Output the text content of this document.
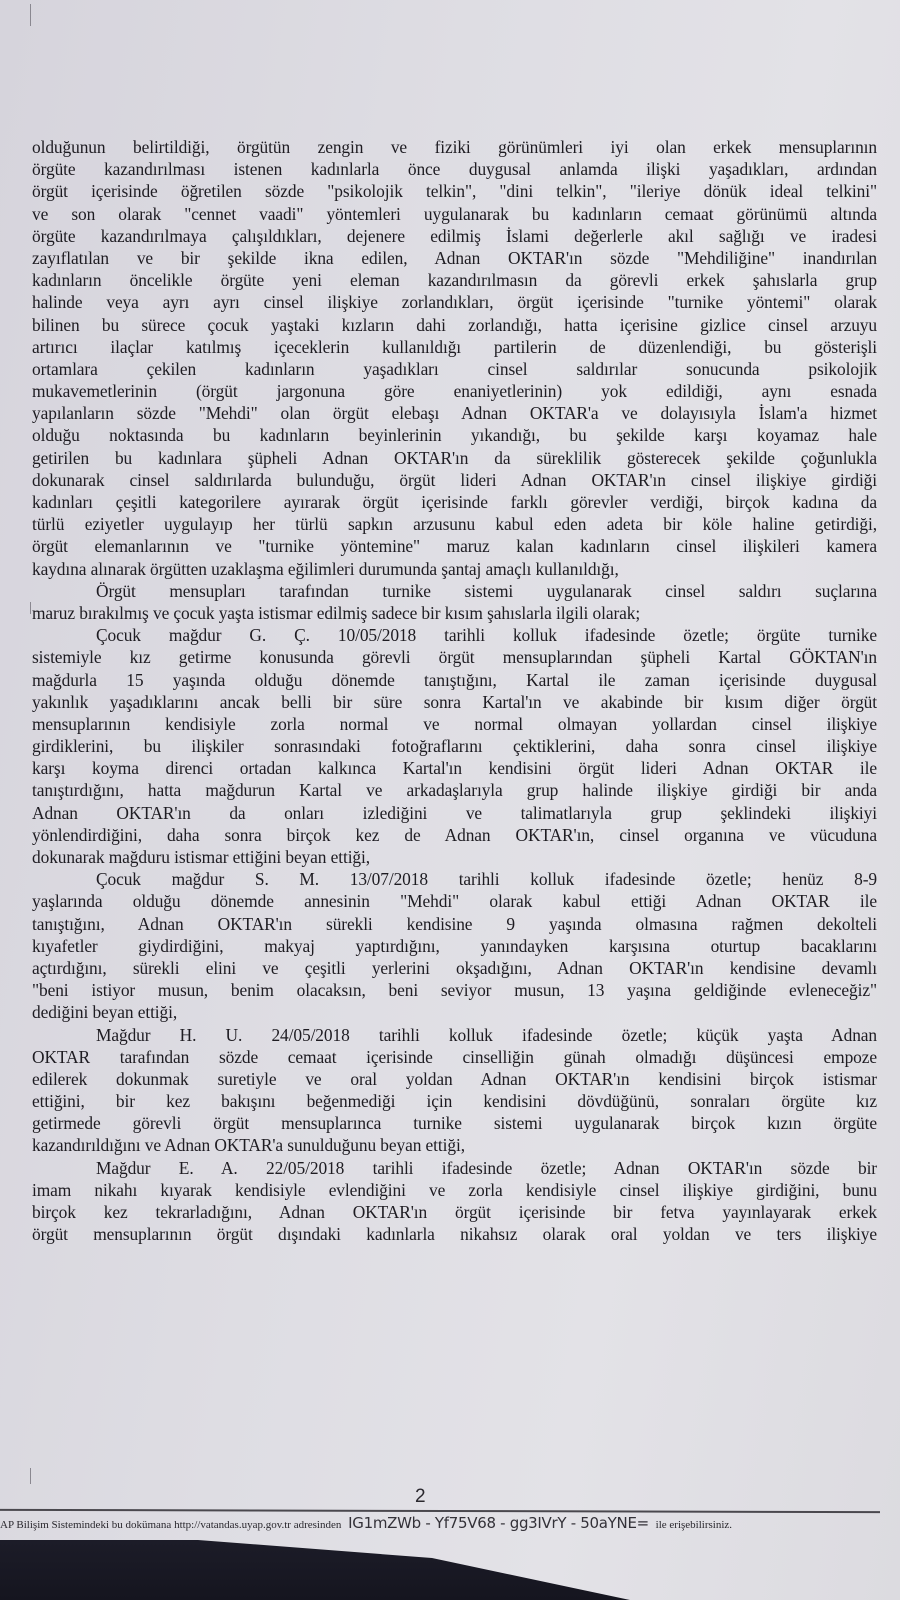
olduğunun belirtildiği, örgütün zengin ve fiziki görünümleri iyi olan erkek mensuplarının
örgüte kazandırılması istenen kadınlarla önce duygusal anlamda ilişki yaşadıkları, ardından
örgüt içerisinde öğretilen sözde "psikolojik telkin", "dini telkin", "ileriye dönük ideal telkini"
ve son olarak "cennet vaadi" yöntemleri uygulanarak bu kadınların cemaat görünümü altında
örgüte kazandırılmaya çalışıldıkları, dejenere edilmiş İslami değerlerle akıl sağlığı ve iradesi
zayıflatılan ve bir şekilde ikna edilen, Adnan OKTAR'ın sözde "Mehdiliğine" inandırılan
kadınların öncelikle örgüte yeni eleman kazandırılmasın da görevli erkek şahıslarla grup
halinde veya ayrı ayrı cinsel ilişkiye zorlandıkları, örgüt içerisinde "turnike yöntemi" olarak
bilinen bu sürece çocuk yaştaki kızların dahi zorlandığı, hatta içerisine gizlice cinsel arzuyu
artırıcı ilaçlar katılmış içeceklerin kullanıldığı partilerin de düzenlendiği, bu gösterişli
ortamlara çekilen kadınların yaşadıkları cinsel saldırılar sonucunda psikolojik
mukavemetlerinin (örgüt jargonuna göre enaniyetlerinin) yok edildiği, aynı esnada
yapılanların sözde "Mehdi" olan örgüt elebaşı Adnan OKTAR'a ve dolayısıyla İslam'a hizmet
olduğu noktasında bu kadınların beyinlerinin yıkandığı, bu şekilde karşı koyamaz hale
getirilen bu kadınlara şüpheli Adnan OKTAR'ın da süreklilik gösterecek şekilde çoğunlukla
dokunarak cinsel saldırılarda bulunduğu, örgüt lideri Adnan OKTAR'ın cinsel ilişkiye girdiği
kadınları çeşitli kategorilere ayırarak örgüt içerisinde farklı görevler verdiği, birçok kadına da
türlü eziyetler uygulayıp her türlü sapkın arzusunu kabul eden adeta bir köle haline getirdiği,
örgüt elemanlarının ve "turnike yöntemine" maruz kalan kadınların cinsel ilişkileri kamera
kaydına alınarak örgütten uzaklaşma eğilimleri durumunda şantaj amaçlı kullanıldığı,
Örgüt mensupları tarafından turnike sistemi uygulanarak cinsel saldırı suçlarına
maruz bırakılmış ve çocuk yaşta istismar edilmiş sadece bir kısım şahıslarla ilgili olarak;
Çocuk mağdur G. Ç. 10/05/2018 tarihli kolluk ifadesinde özetle; örgüte turnike
sistemiyle kız getirme konusunda görevli örgüt mensuplarından şüpheli Kartal GÖKTAN'ın
mağdurla 15 yaşında olduğu dönemde tanıştığını, Kartal ile zaman içerisinde duygusal
yakınlık yaşadıklarını ancak belli bir süre sonra Kartal'ın ve akabinde bir kısım diğer örgüt
mensuplarının kendisiyle zorla normal ve normal olmayan yollardan cinsel ilişkiye
girdiklerini, bu ilişkiler sonrasındaki fotoğraflarını çektiklerini, daha sonra cinsel ilişkiye
karşı koyma direnci ortadan kalkınca Kartal'ın kendisini örgüt lideri Adnan OKTAR ile
tanıştırdığını, hatta mağdurun Kartal ve arkadaşlarıyla grup halinde ilişkiye girdiği bir anda
Adnan OKTAR'ın da onları izlediğini ve talimatlarıyla grup şeklindeki ilişkiyi
yönlendirdiğini, daha sonra birçok kez de Adnan OKTAR'ın, cinsel organına ve vücuduna
dokunarak mağduru istismar ettiğini beyan ettiği,
Çocuk mağdur S. M. 13/07/2018 tarihli kolluk ifadesinde özetle; henüz 8-9
yaşlarında olduğu dönemde annesinin "Mehdi" olarak kabul ettiği Adnan OKTAR ile
tanıştığını, Adnan OKTAR'ın sürekli kendisine 9 yaşında olmasına rağmen dekolteli
kıyafetler giydirdiğini, makyaj yaptırdığını, yanındayken karşısına oturtup bacaklarını
açtırdığını, sürekli elini ve çeşitli yerlerini okşadığını, Adnan OKTAR'ın kendisine devamlı
"beni istiyor musun, benim olacaksın, beni seviyor musun, 13 yaşına geldiğinde evleneceğiz"
dediğini beyan ettiği,
Mağdur H. U. 24/05/2018 tarihli kolluk ifadesinde özetle; küçük yaşta Adnan
OKTAR tarafından sözde cemaat içerisinde cinselliğin günah olmadığı düşüncesi empoze
edilerek dokunmak suretiyle ve oral yoldan Adnan OKTAR'ın kendisini birçok istismar
ettiğini, bir kez bakışını beğenmediği için kendisini dövdüğünü, sonraları örgüte kız
getirmede görevli örgüt mensuplarınca turnike sistemi uygulanarak birçok kızın örgüte
kazandırıldığını ve Adnan OKTAR'a sunulduğunu beyan ettiği,
Mağdur E. A. 22/05/2018 tarihli ifadesinde özetle; Adnan OKTAR'ın sözde bir
imam nikahı kıyarak kendisiyle evlendiğini ve zorla kendisiyle cinsel ilişkiye girdiğini, bunu
birçok kez tekrarladığını, Adnan OKTAR'ın örgüt içerisinde bir fetva yayınlayarak erkek
örgüt mensuplarının örgüt dışındaki kadınlarla nikahsız olarak oral yoldan ve ters ilişkiye
2
AP Bilişim Sistemindeki bu dokümana http://vatandas.uyap.gov.tr adresinden IG1mZWb - Yf75V68 - gg3IVrY - 50aYNE= ile erişebilirsiniz.
